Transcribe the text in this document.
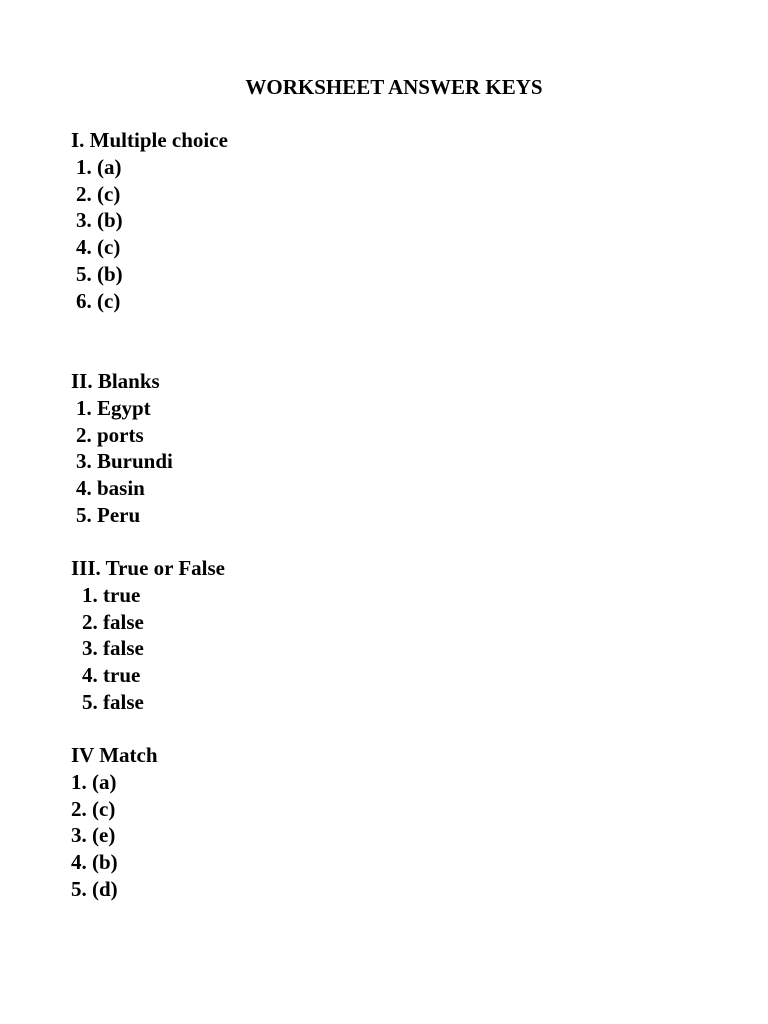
WORKSHEET ANSWER KEYS
I. Multiple choice
1. (a)
2. (c)
3. (b)
4. (c)
5. (b)
6. (c)
II. Blanks
1. Egypt
2. ports
3. Burundi
4. basin
5. Peru
III. True or False
1. true
2. false
3. false
4. true
5. false
IV Match
1. (a)
2. (c)
3. (e)
4. (b)
5. (d)
